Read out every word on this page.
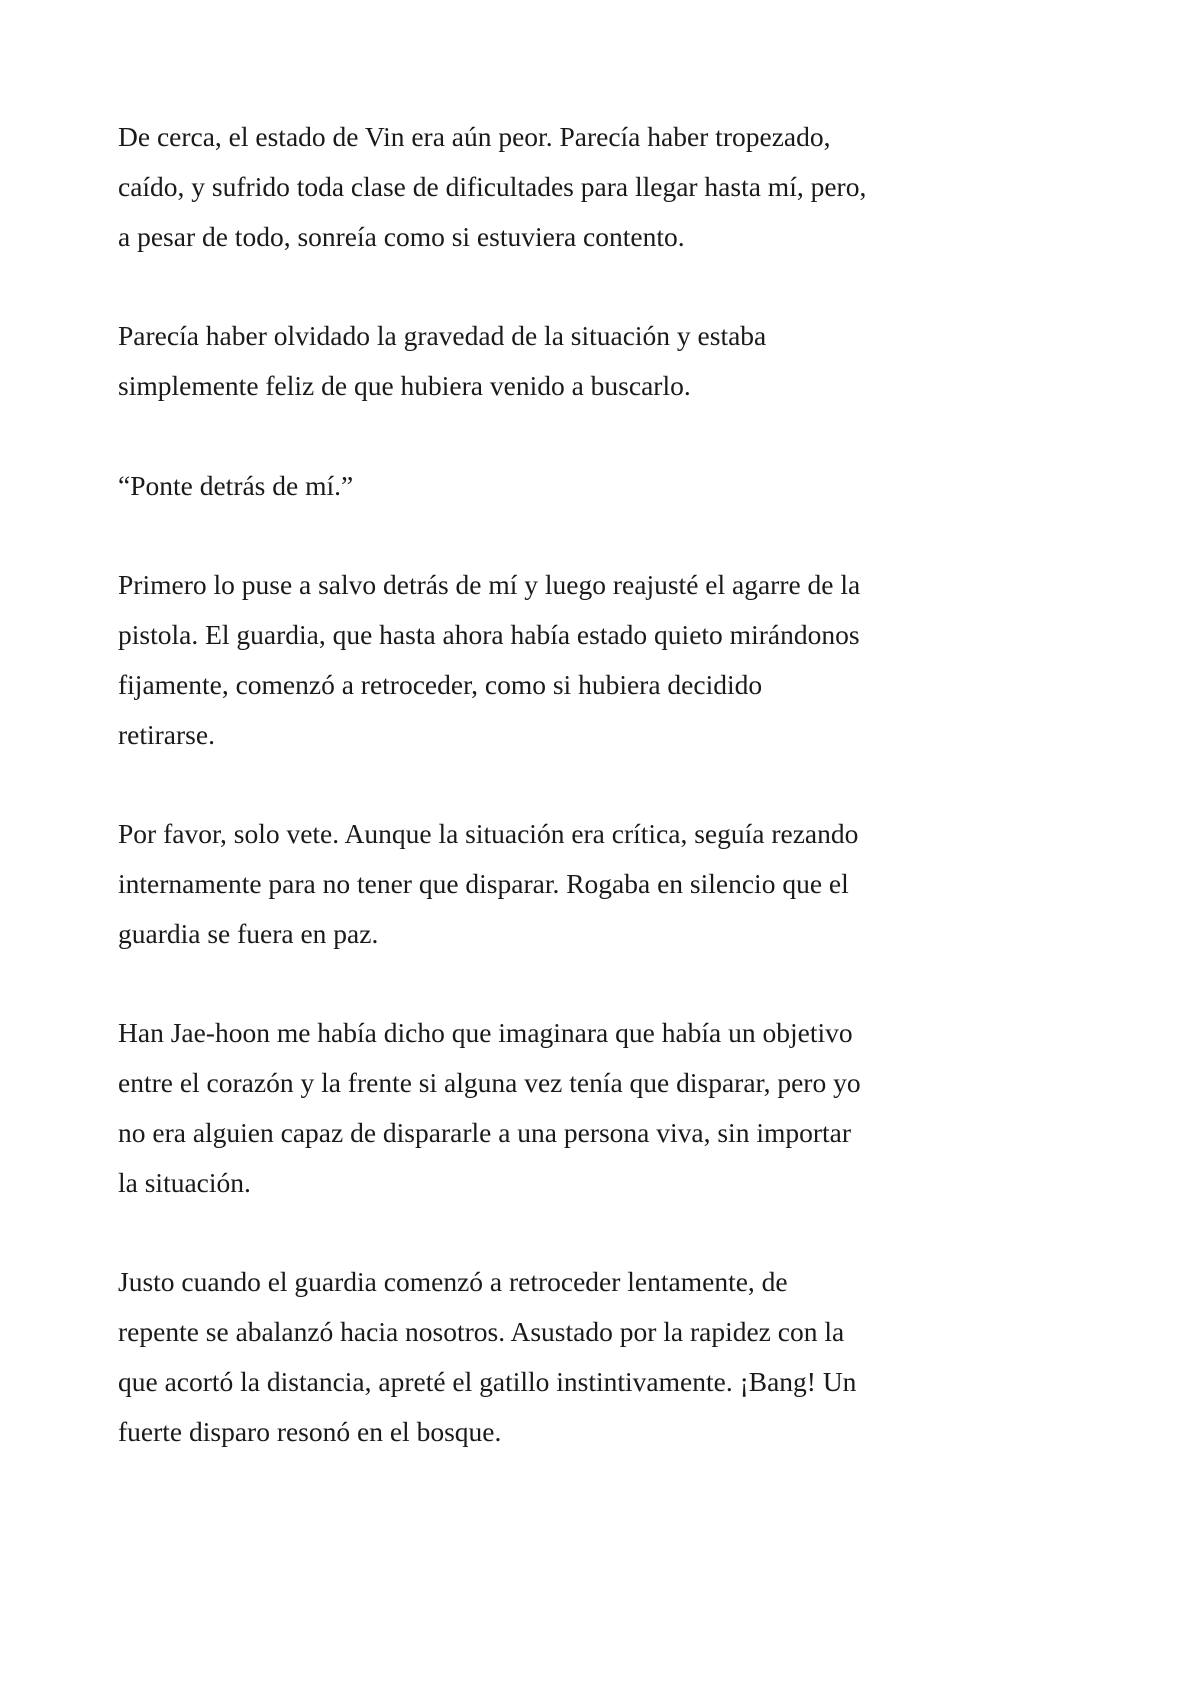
De cerca, el estado de Vin era aún peor. Parecía haber tropezado,
caído, y sufrido toda clase de dificultades para llegar hasta mí, pero,
a pesar de todo, sonreía como si estuviera contento.

Parecía haber olvidado la gravedad de la situación y estaba
simplemente feliz de que hubiera venido a buscarlo.

“Ponte detrás de mí.”

Primero lo puse a salvo detrás de mí y luego reajusté el agarre de la
pistola. El guardia, que hasta ahora había estado quieto mirándonos
fijamente, comenzó a retroceder, como si hubiera decidido
retirarse.

Por favor, solo vete. Aunque la situación era crítica, seguía rezando
internamente para no tener que disparar. Rogaba en silencio que el
guardia se fuera en paz.

Han Jae-hoon me había dicho que imaginara que había un objetivo
entre el corazón y la frente si alguna vez tenía que disparar, pero yo
no era alguien capaz de dispararle a una persona viva, sin importar
la situación.

Justo cuando el guardia comenzó a retroceder lentamente, de
repente se abalanzó hacia nosotros. Asustado por la rapidez con la
que acortó la distancia, apreté el gatillo instintivamente. ¡Bang! Un
fuerte disparo resonó en el bosque.
